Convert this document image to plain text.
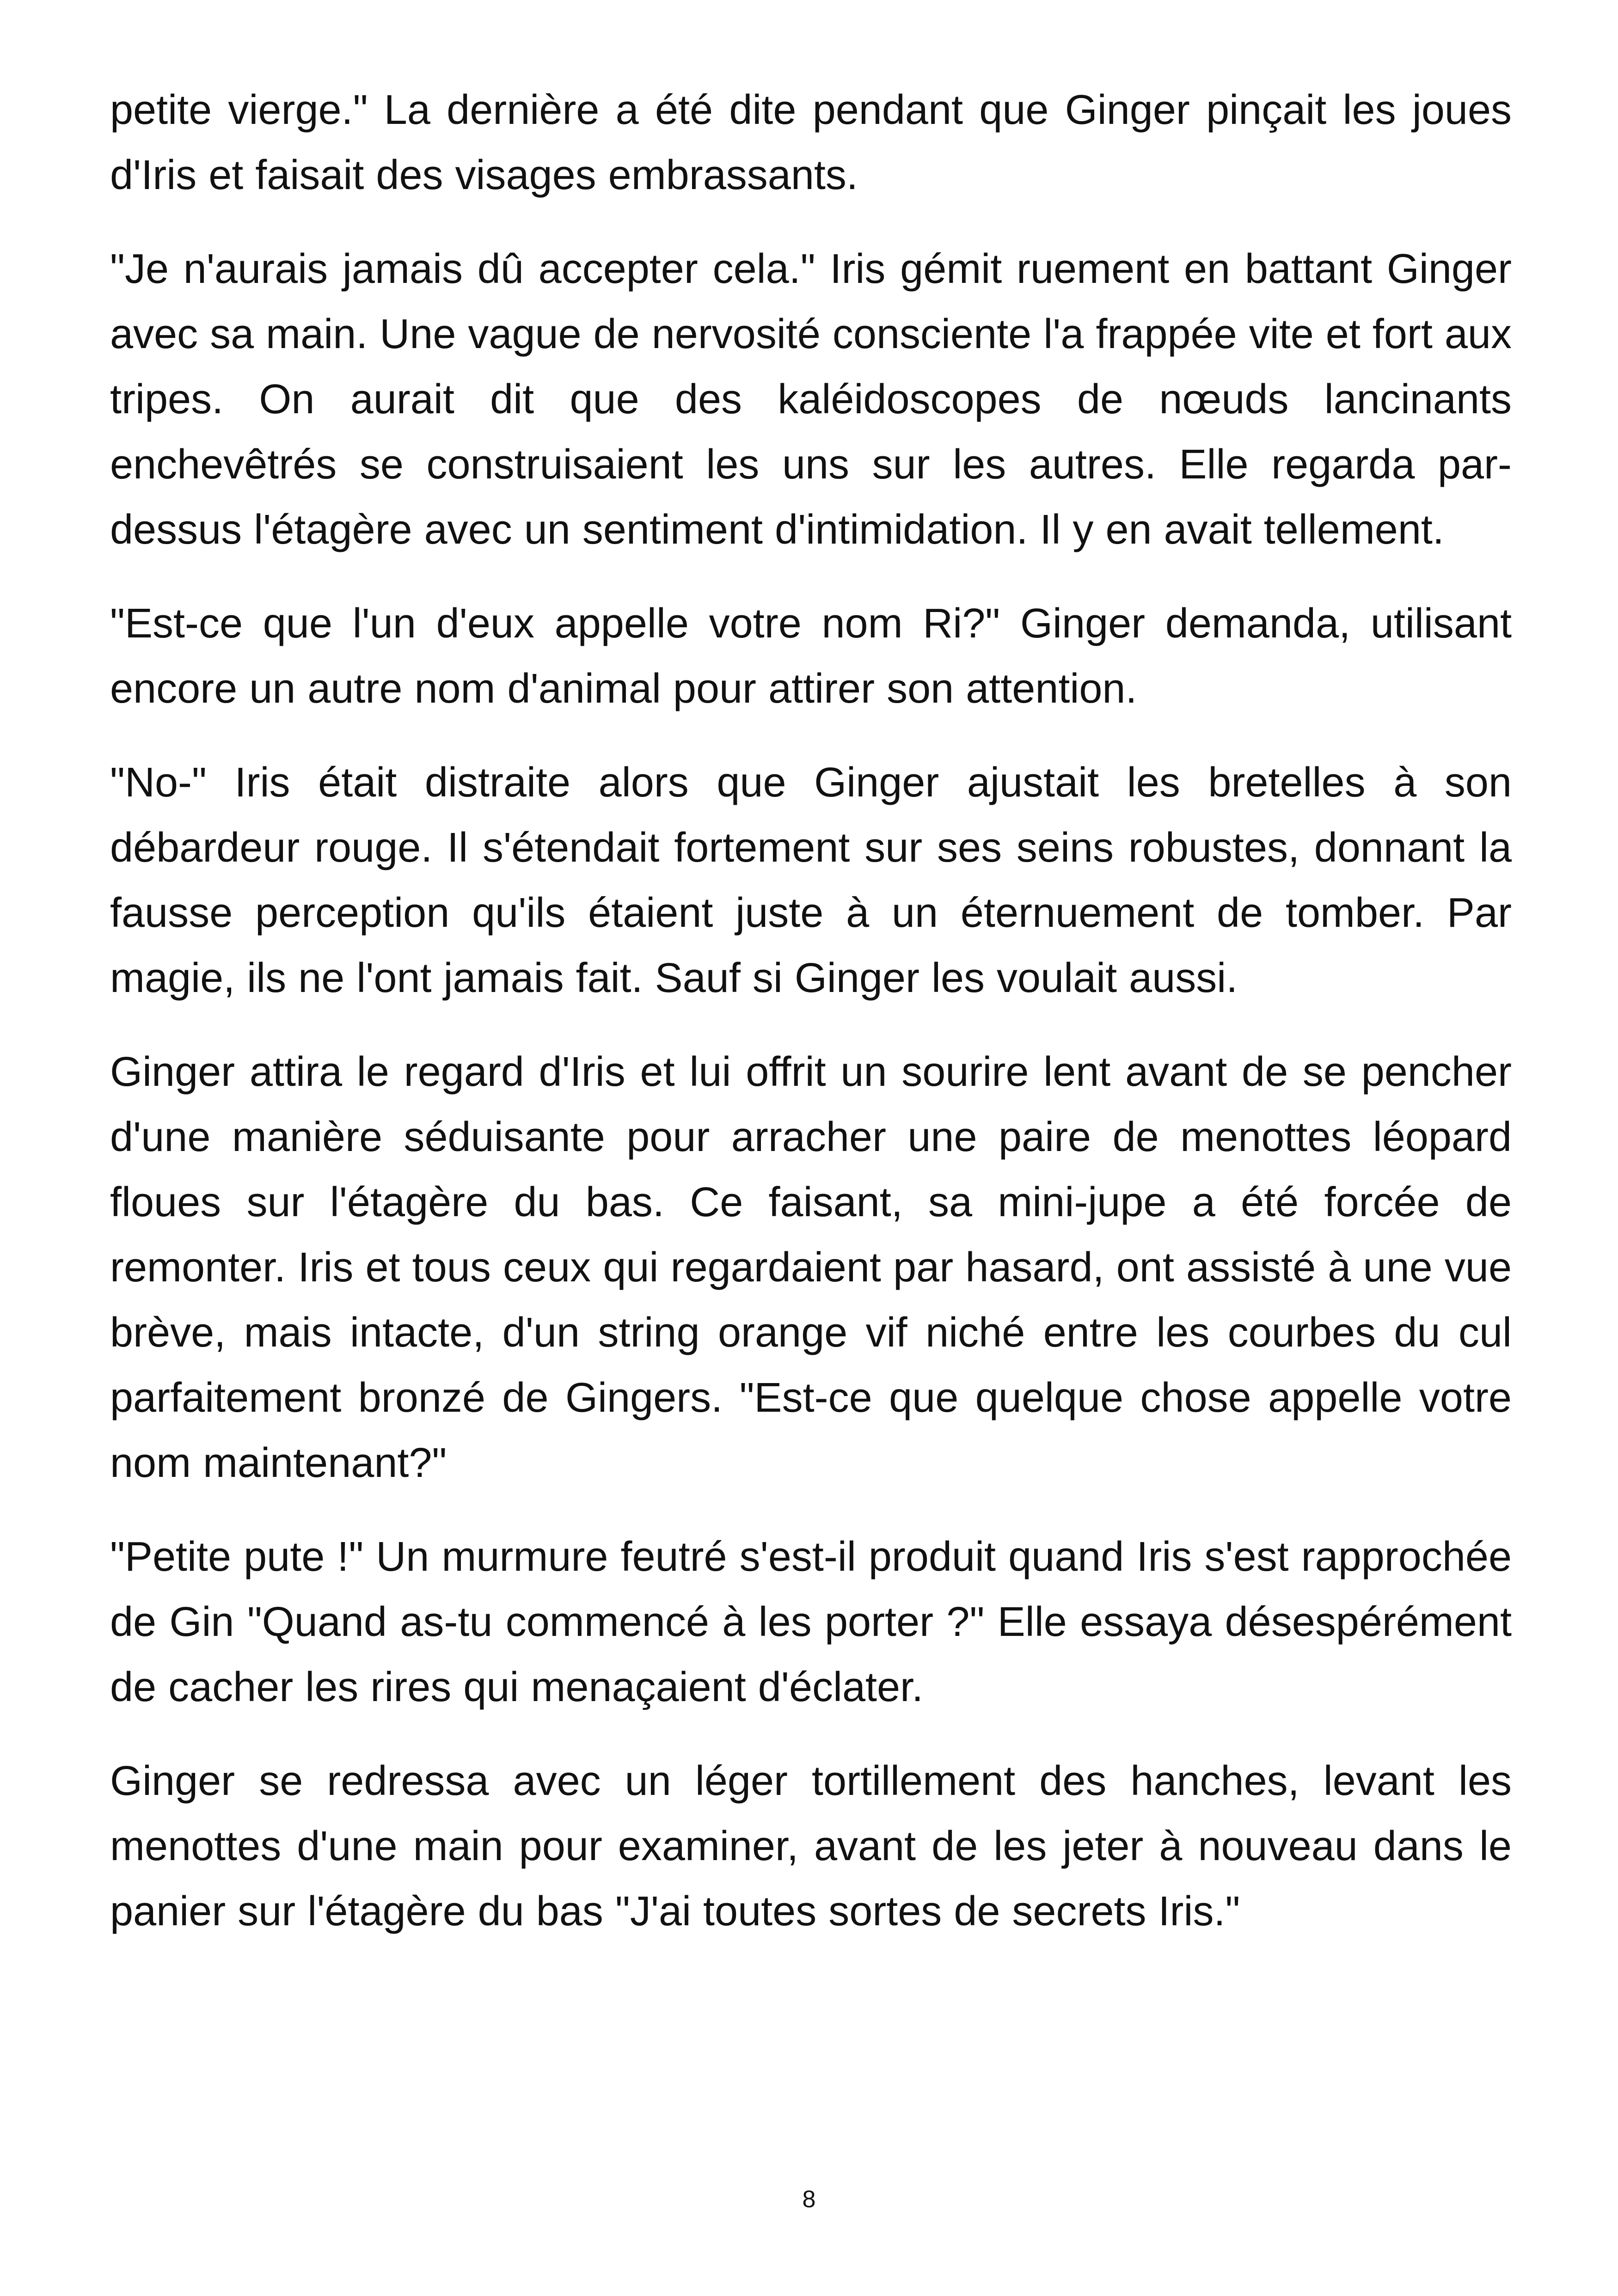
petite vierge." La dernière a été dite pendant que Ginger pinçait les joues d'Iris et faisait des visages embrassants.

"Je n'aurais jamais dû accepter cela." Iris gémit ruement en battant Ginger avec sa main. Une vague de nervosité consciente l'a frappée vite et fort aux tripes. On aurait dit que des kaléidoscopes de nœuds lancinants enchevêtrés se construisaient les uns sur les autres. Elle regarda par-dessus l'étagère avec un sentiment d'intimidation. Il y en avait tellement.

"Est-ce que l'un d'eux appelle votre nom Ri?" Ginger demanda, utilisant encore un autre nom d'animal pour attirer son attention.

"No-" Iris était distraite alors que Ginger ajustait les bretelles à son débardeur rouge. Il s'étendait fortement sur ses seins robustes, donnant la fausse perception qu'ils étaient juste à un éternuement de tomber. Par magie, ils ne l'ont jamais fait. Sauf si Ginger les voulait aussi.

Ginger attira le regard d'Iris et lui offrit un sourire lent avant de se pencher d'une manière séduisante pour arracher une paire de menottes léopard floues sur l'étagère du bas. Ce faisant, sa mini-jupe a été forcée de remonter. Iris et tous ceux qui regardaient par hasard, ont assisté à une vue brève, mais intacte, d'un string orange vif niché entre les courbes du cul parfaitement bronzé de Gingers. "Est-ce que quelque chose appelle votre nom maintenant?"

"Petite pute !" Un murmure feutré s'est-il produit quand Iris s'est rapprochée de Gin "Quand as-tu commencé à les porter ?" Elle essaya désespérément de cacher les rires qui menaçaient d'éclater.

Ginger se redressa avec un léger tortillement des hanches, levant les menottes d'une main pour examiner, avant de les jeter à nouveau dans le panier sur l'étagère du bas "J'ai toutes sortes de secrets Iris."

8
